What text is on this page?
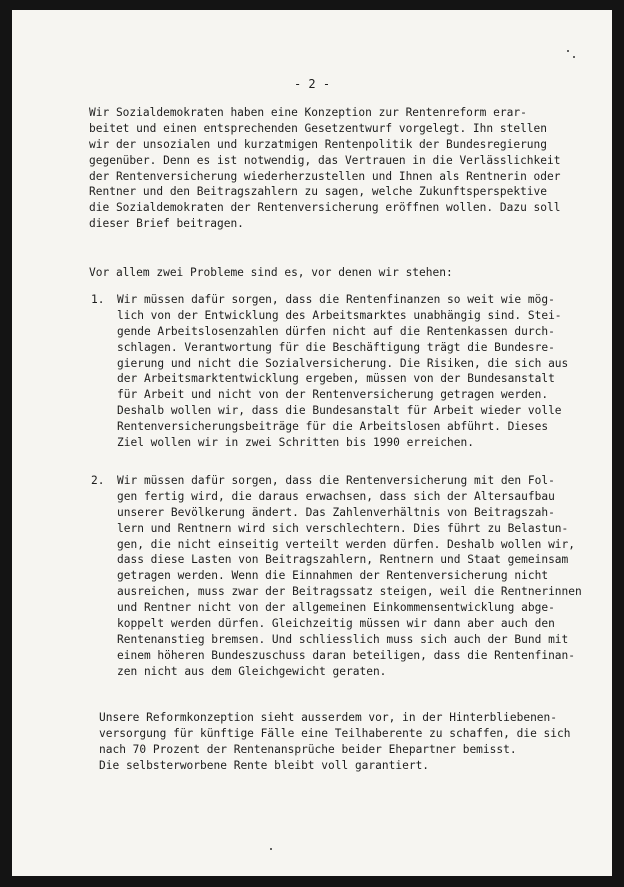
- 2 -
Wir Sozialdemokraten haben eine Konzeption zur Rentenreform erar-
beitet und einen entsprechenden Gesetzentwurf vorgelegt. Ihn stellen
wir der unsozialen und kurzatmigen Rentenpolitik der Bundesregierung
gegenüber. Denn es ist notwendig, das Vertrauen in die Verlässlichkeit
der Rentenversicherung wiederherzustellen und Ihnen als Rentnerin oder
Rentner und den Beitragszahlern zu sagen, welche Zukunftsperspektive
die Sozialdemokraten der Rentenversicherung eröffnen wollen. Dazu soll
dieser Brief beitragen.
Vor allem zwei Probleme sind es, vor denen wir stehen:
1. Wir müssen dafür sorgen, dass die Rentenfinanzen so weit wie mög-
lich von der Entwicklung des Arbeitsmarktes unabhängig sind. Stei-
gende Arbeitslosenzahlen dürfen nicht auf die Rentenkassen durch-
schlagen. Verantwortung für die Beschäftigung trägt die Bundesre-
gierung und nicht die Sozialversicherung. Die Risiken, die sich aus
der Arbeitsmarktentwicklung ergeben, müssen von der Bundesanstalt
für Arbeit und nicht von der Rentenversicherung getragen werden.
Deshalb wollen wir, dass die Bundesanstalt für Arbeit wieder volle
Rentenversicherungsbeiträge für die Arbeitslosen abführt. Dieses
Ziel wollen wir in zwei Schritten bis 1990 erreichen.
2. Wir müssen dafür sorgen, dass die Rentenversicherung mit den Fol-
gen fertig wird, die daraus erwachsen, dass sich der Altersaufbau
unserer Bevölkerung ändert. Das Zahlenverhältnis von Beitragszah-
lern und Rentnern wird sich verschlechtern. Dies führt zu Belastun-
gen, die nicht einseitig verteilt werden dürfen. Deshalb wollen wir,
dass diese Lasten von Beitragszahlern, Rentnern und Staat gemeinsam
getragen werden. Wenn die Einnahmen der Rentenversicherung nicht
ausreichen, muss zwar der Beitragssatz steigen, weil die Rentnerinnen
und Rentner nicht von der allgemeinen Einkommensentwicklung abge-
koppelt werden dürfen. Gleichzeitig müssen wir dann aber auch den
Rentenanstieg bremsen. Und schliesslich muss sich auch der Bund mit
einem höheren Bundeszuschuss daran beteiligen, dass die Rentenfinan-
zen nicht aus dem Gleichgewicht geraten.
Unsere Reformkonzeption sieht ausserdem vor, in der Hinterbliebenen-
versorgung für künftige Fälle eine Teilhaberente zu schaffen, die sich
nach 70 Prozent der Rentenansprüche beider Ehepartner bemisst.
Die selbsterworbene Rente bleibt voll garantiert.
